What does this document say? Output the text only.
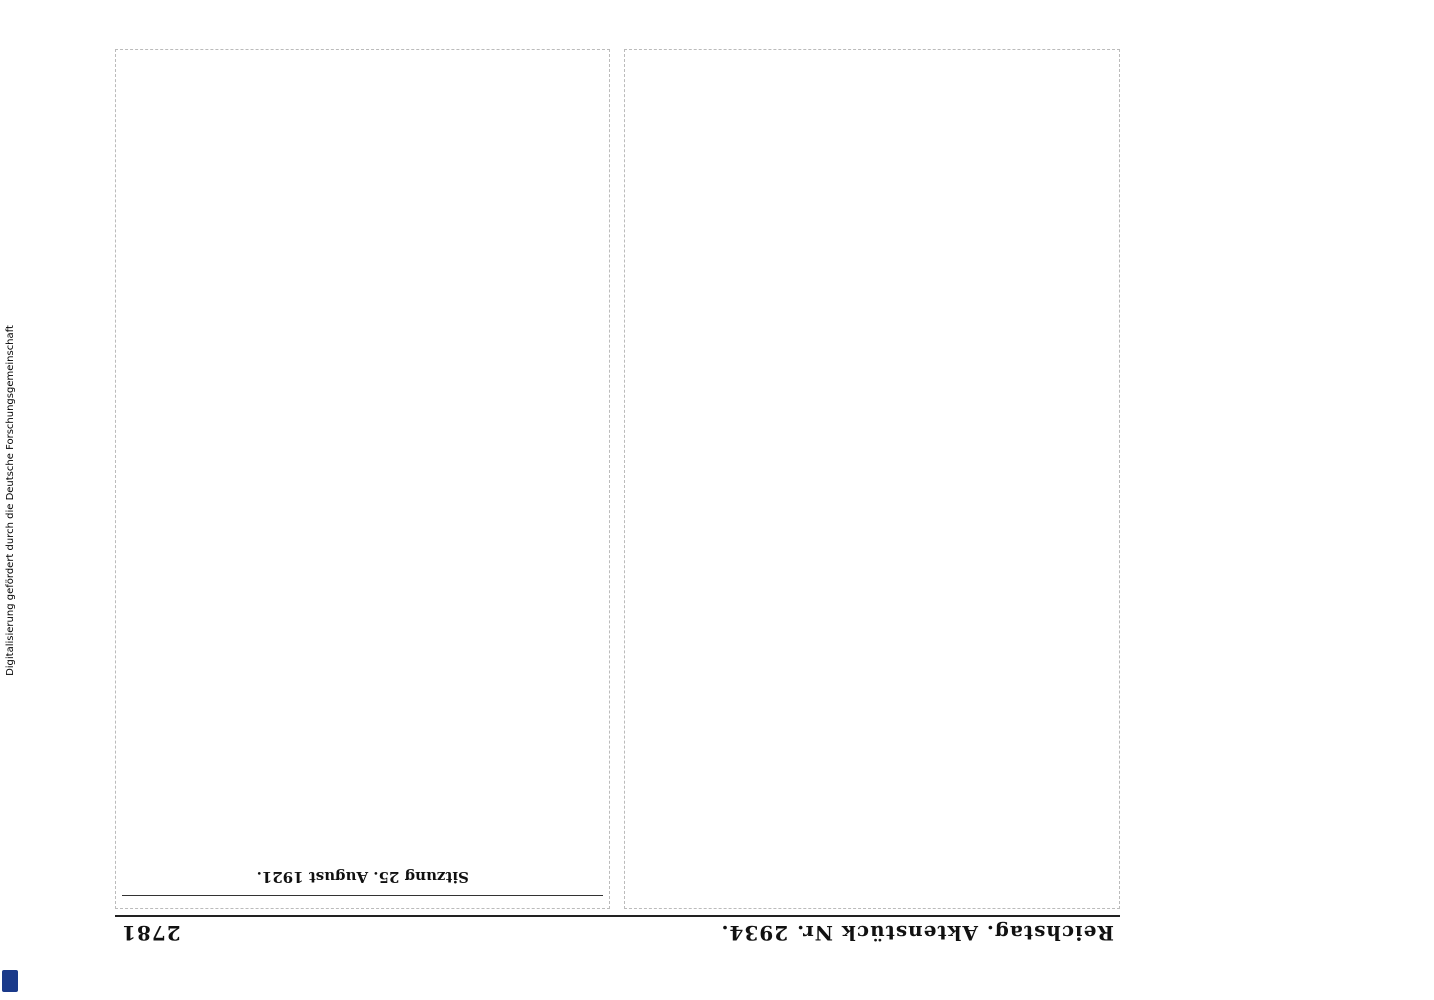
Digitalisierung gefördert durch die Deutsche Forschungsgemeinschaft
Reichstag. Aktenstück Nr. 2934.
2781
Sitzung 25. August 1921.
